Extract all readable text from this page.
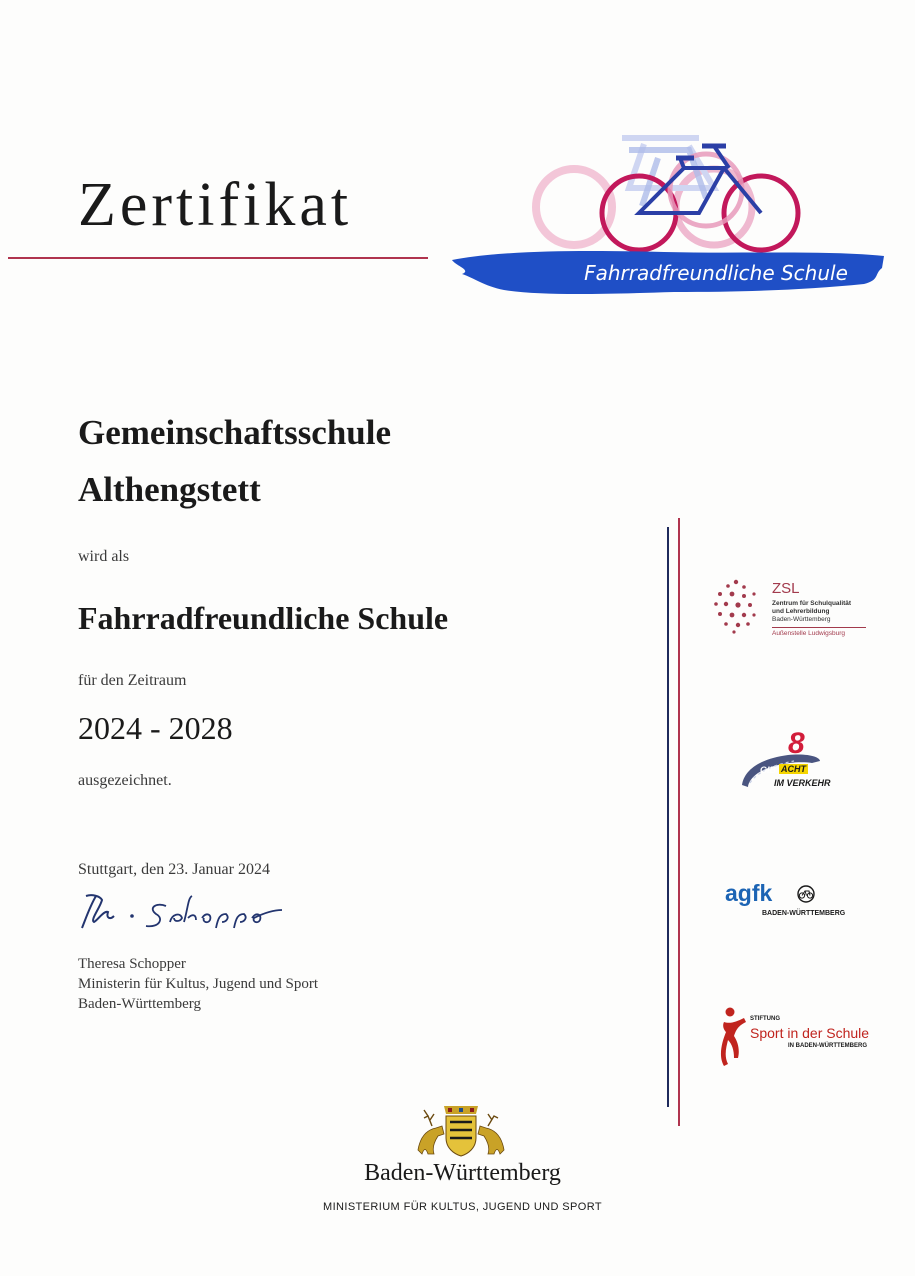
Zertifikat
Fahrradfreundliche Schule
Gemeinschaftsschule
Althengstett
wird als
Fahrradfreundliche Schule
für den Zeitraum
2024 - 2028
ausgezeichnet.
Stuttgart, den 23. Januar 2024
Theresa Schopper
Ministerin für Kultus, Jugend und Sport
Baden-Württemberg
ZSL
Zentrum für Schulqualität
und Lehrerbildung
Baden-Württemberg
Außenstelle Ludwigsburg
8
GIB ACHT
IM VERKEHR
agfk
BADEN-WÜRTTEMBERG
STIFTUNG
Sport in der Schule
IN BADEN-WÜRTTEMBERG
Baden-Württemberg
MINISTERIUM FÜR KULTUS, JUGEND UND SPORT
